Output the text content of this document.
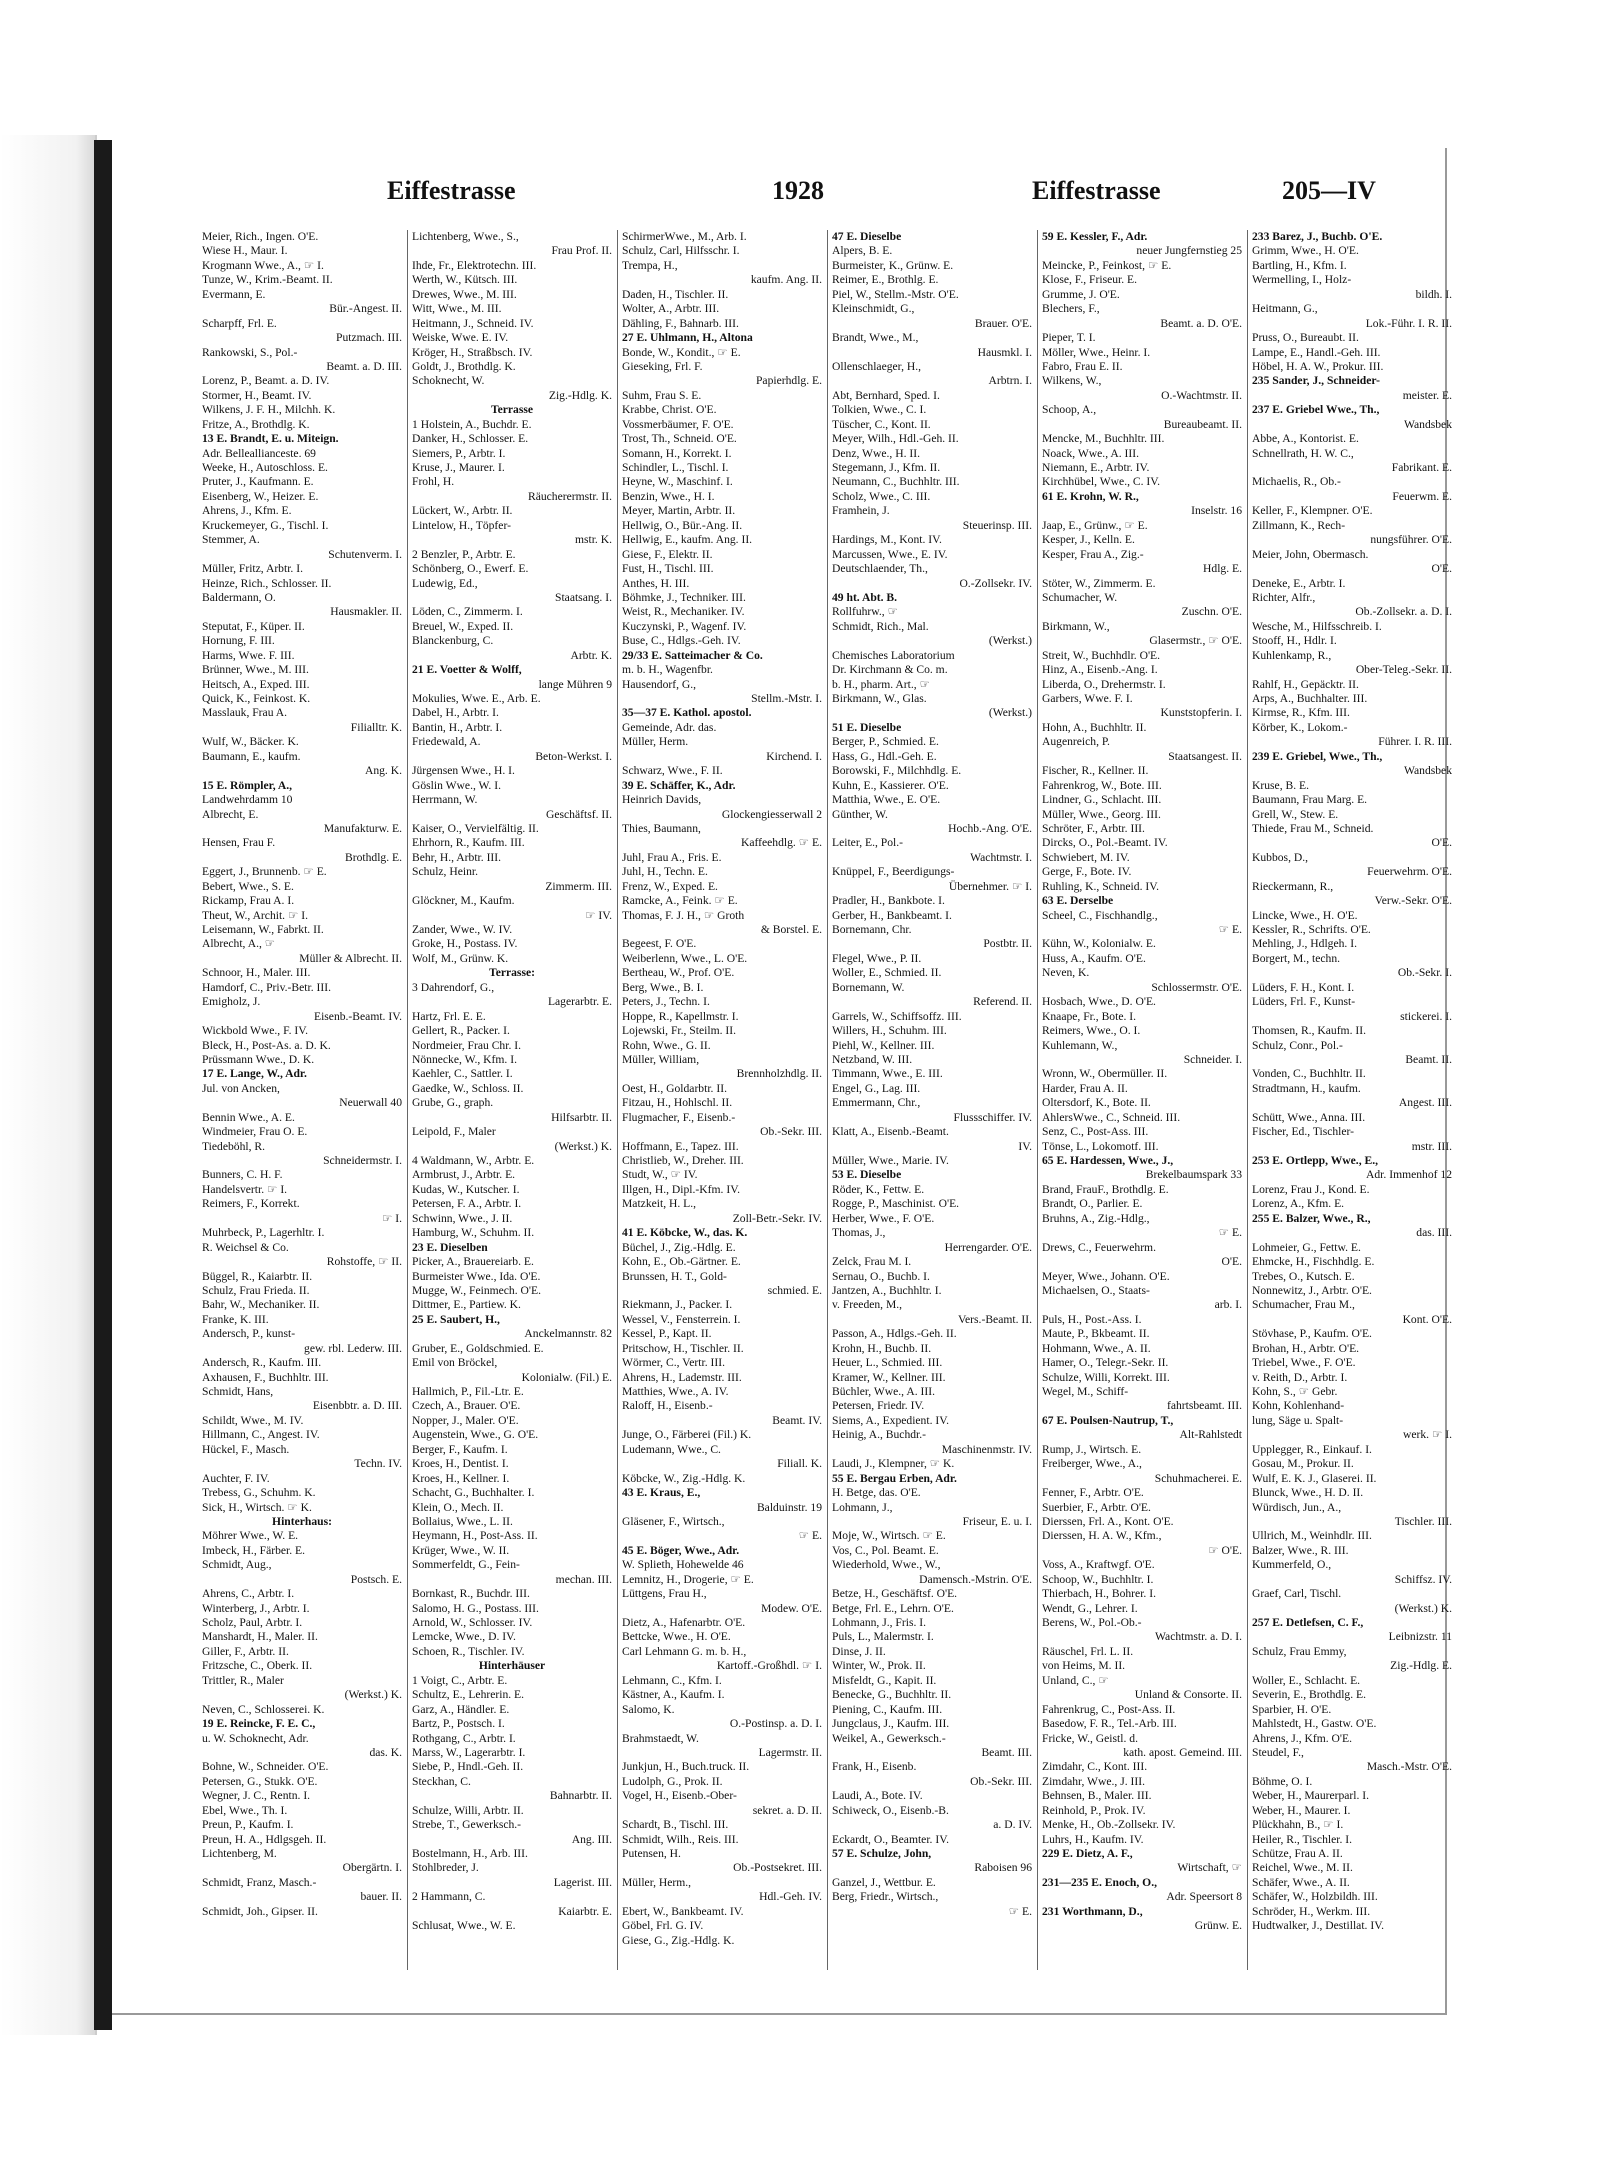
Eiffestrasse	1928	Eiffestrasse	205—IV
Meier, Rich., Ingen. O'E.
Wiese H., Maur. I.
Krogmann Wwe., A., ☞ I.
Tunze, W., Krim.-Beamt. II.
Evermann, E.
Bür.-Angest. II.
Scharpff, Frl. E.
Putzmach. III.
Rankowski, S., Pol.-
Beamt. a. D. III.
Lorenz, P., Beamt. a. D. IV.
Stormer, H., Beamt. IV.
Wilkens, J. F. H., Milchh. K.
Fritze, A., Brothdlg. K.
13 E. Brandt, E. u. Miteign.
Adr. Belleallianceste. 69
Weeke, H., Autoschloss. E.
Pruter, J., Kaufmann. E.
Eisenberg, W., Heizer. E.
Ahrens, J., Kfm. E.
Kruckemeyer, G., Tischl. I.
Stemmer, A.
Schutenverm. I.
Müller, Fritz, Arbtr. I.
Heinze, Rich., Schlosser. II.
Baldermann, O.
Hausmakler. II.
Steputat, F., Küper. II.
Hornung, F. III.
Harms, Wwe. F. III.
Brünner, Wwe., M. III.
Heitsch, A., Exped. III.
Quick, K., Feinkost. K.
Masslauk, Frau A.
Filialltr. K.
Wulf, W., Bäcker. K.
Baumann, E., kaufm.
Ang. K.
15 E. Römpler, A.,
Landwehrdamm 10
Albrecht, E.
Manufakturw. E.
Hensen, Frau F.
Brothdlg. E.
Eggert, J., Brunnenb. ☞ E.
Bebert, Wwe., S. E.
Rickamp, Frau A. I.
Theut, W., Archit. ☞ I.
Leisemann, W., Fabrkt. II.
Albrecht, A., ☞
Müller & Albrecht. II.
Schnoor, H., Maler. III.
Hamdorf, C., Priv.-Betr. III.
Emigholz, J.
Eisenb.-Beamt. IV.
Wickbold Wwe., F. IV.
Bleck, H., Post-As. a. D. K.
Prüssmann Wwe., D. K.
17 E. Lange, W., Adr.
Jul. von Ancken,
Neuerwall 40
Bennin Wwe., A. E.
Windmeier, Frau O. E.
Tiedeböhl, R.
Schneidermstr. I.
Bunners, C. H. F.
Handelsvertr. ☞ I.
Reimers, F., Korrekt.
☞ I.
Muhrbeck, P., Lagerhltr. I.
R. Weichsel & Co.
Rohstoffe, ☞ II.
Büggel, R., Kaiarbtr. II.
Schulz, Frau Frieda. II.
Bahr, W., Mechaniker. II.
Franke, K. III.
Andersch, P., kunst-
gew. rbl. Lederw. III.
Andersch, R., Kaufm. III.
Axhausen, F., Buchhltr. III.
Schmidt, Hans,
Eisenbbtr. a. D. III.
Schildt, Wwe., M. IV.
Hillmann, C., Angest. IV.
Hückel, F., Masch.
Techn. IV.
Auchter, F. IV.
Trebess, G., Schuhm. K.
Sick, H., Wirtsch. ☞ K.
Hinterhaus:
Möhrer Wwe., W. E.
Imbeck, H., Färber. E.
Schmidt, Aug.,
Postsch. E.
Ahrens, C., Arbtr. I.
Winterberg, J., Arbtr. I.
Scholz, Paul, Arbtr. I.
Manshardt, H., Maler. II.
Giller, F., Arbtr. II.
Fritzsche, C., Oberk. II.
Trittler, R., Maler
(Werkst.) K.
Neven, C., Schlosserei. K.
19 E. Reincke, F. E. C.,
u. W. Schoknecht, Adr.
das. K.
Bohne, W., Schneider. O'E.
Petersen, G., Stukk. O'E.
Wegner, J. C., Rentn. I.
Ebel, Wwe., Th. I.
Preun, P., Kaufm. I.
Preun, H. A., Hdlgsgeh. II.
Lichtenberg, M.
Obergärtn. I.
Schmidt, Franz, Masch.-
bauer. II.
Schmidt, Joh., Gipser. II.
Lichtenberg, Wwe., S.,
Frau Prof. II.
Ihde, Fr., Elektrotechn. III.
Werth, W., Kütsch. III.
Drewes, Wwe., M. III.
Witt, Wwe., M. III.
Heitmann, J., Schneid. IV.
Weiske, Wwe. E. IV.
Kröger, H., Straßbsch. IV.
Goldt, J., Brothdlg. K.
Schoknecht, W.
Zig.-Hdlg. K.
Terrasse
1 Holstein, A., Buchdr. E.
Danker, H., Schlosser. E.
Siemers, P., Arbtr. I.
Kruse, J., Maurer. I.
Frohl, H.
Räucherermstr. II.
Lückert, W., Arbtr. II.
Lintelow, H., Töpfer-
mstr. K.
2 Benzler, P., Arbtr. E.
Schönberg, O., Ewerf. E.
Ludewig, Ed.,
Staatsang. I.
Löden, C., Zimmerm. I.
Breuel, W., Exped. II.
Blanckenburg, C.
Arbtr. K.
21 E. Voetter & Wolff,
lange Mühren 9
Mokulies, Wwe. E., Arb. E.
Dabel, H., Arbtr. I.
Bantin, H., Arbtr. I.
Friedewald, A.
Beton-Werkst. I.
Jürgensen Wwe., H. I.
Göslin Wwe., W. I.
Herrmann, W.
Geschäftsf. II.
Kaiser, O., Vervielfältig. II.
Ehrhorn, R., Kaufm. III.
Behr, H., Arbtr. III.
Schulz, Heinr.
Zimmerm. III.
Glöckner, M., Kaufm.
☞ IV.
Zander, Wwe., W. IV.
Groke, H., Postass. IV.
Wolf, M., Grünw. K.
Terrasse:
3 Dahrendorf, G.,
Lagerarbtr. E.
Hartz, Frl. E. E.
Gellert, R., Packer. I.
Nordmeier, Frau Chr. I.
Nönnecke, W., Kfm. I.
Kaehler, C., Sattler. I.
Gaedke, W., Schloss. II.
Grube, G., graph.
Hilfsarbtr. II.
Leipold, F., Maler
(Werkst.) K.
4 Waldmann, W., Arbtr. E.
Armbrust, J., Arbtr. E.
Kudas, W., Kutscher. I.
Petersen, F. A., Arbtr. I.
Schwinn, Wwe., J. II.
Hamburg, W., Schuhm. II.
23 E. Dieselben
Picker, A., Brauereiarb. E.
Burmeister Wwe., Ida. O'E.
Mugge, W., Feinmech. O'E.
Dittmer, E., Partiew. K.
25 E. Saubert, H.,
Anckelmannstr. 82
Gruber, E., Goldschmied. E.
Emil von Bröckel,
Kolonialw. (Fil.) E.
Hallmich, P., Fil.-Ltr. E.
Czech, A., Brauer. O'E.
Nopper, J., Maler. O'E.
Augenstein, Wwe., G. O'E.
Berger, F., Kaufm. I.
Kroes, H., Dentist. I.
Kroes, H., Kellner. I.
Schacht, G., Buchhalter. I.
Klein, O., Mech. II.
Bollaius, Wwe., L. II.
Heymann, H., Post-Ass. II.
Krüger, Wwe., W. II.
Sommerfeldt, G., Fein-
mechan. III.
Bornkast, R., Buchdr. III.
Salomo, H. G., Postass. III.
Arnold, W., Schlosser. IV.
Lemcke, Wwe., D. IV.
Schoen, R., Tischler. IV.
Hinterhäuser
1 Voigt, C., Arbtr. E.
Schultz, E., Lehrerin. E.
Garz, A., Händler. E.
Bartz, P., Postsch. I.
Rothgang, C., Arbtr. I.
Marss, W., Lagerarbtr. I.
Siebe, P., Hndl.-Geh. II.
Steckhan, C.
Bahnarbtr. II.
Schulze, Willi, Arbtr. II.
Strebe, T., Gewerksch.-
Ang. III.
Bostelmann, H., Arb. III.
Stohlbreder, J.
Lagerist. III.
2 Hammann, C.
Kaiarbtr. E.
Schlusat, Wwe., W. E.
SchirmerWwe., M., Arb. I.
Schulz, Carl, Hilfsschr. I.
Trempa, H.,
kaufm. Ang. II.
Daden, H., Tischler. II.
Wolter, A., Arbtr. III.
Dähling, F., Bahnarb. III.
27 E. Uhlmann, H., Altona
Bonde, W., Kondit., ☞ E.
Gieseking, Frl. F.
Papierhdlg. E.
Suhm, Frau S. E.
Krabbe, Christ. O'E.
Vossmerbäumer, F. O'E.
Trost, Th., Schneid. O'E.
Somann, H., Korrekt. I.
Schindler, L., Tischl. I.
Heyne, W., Maschinf. I.
Benzin, Wwe., H. I.
Meyer, Martin, Arbtr. II.
Hellwig, O., Bür.-Ang. II.
Hellwig, E., kaufm. Ang. II.
Giese, F., Elektr. II.
Fust, H., Tischl. III.
Anthes, H. III.
Böhmke, J., Techniker. III.
Weist, R., Mechaniker. IV.
Kuczynski, P., Wagenf. IV.
Buse, C., Hdlgs.-Geh. IV.
29/33 E. Satteimacher & Co.
m. b. H., Wagenfbr.
Hausendorf, G.,
Stellm.-Mstr. I.
35—37 E. Kathol. apostol.
Gemeinde, Adr. das.
Müller, Herm.
Kirchend. I.
Schwarz, Wwe., F. II.
39 E. Schäffer, K., Adr.
Heinrich Davids,
Glockengiesserwall 2
Thies, Baumann,
Kaffeehdlg. ☞ E.
Juhl, Frau A., Fris. E.
Juhl, H., Techn. E.
Frenz, W., Exped. E.
Ramcke, A., Feink. ☞ E.
Thomas, F. J. H., ☞ Groth
& Borstel. E.
Begeest, F. O'E.
Weiberlenn, Wwe., L. O'E.
Bertheau, W., Prof. O'E.
Berg, Wwe., B. I.
Peters, J., Techn. I.
Hoppe, R., Kapellmstr. I.
Lojewski, Fr., Steilm. II.
Rohn, Wwe., G. II.
Müller, William,
Brennholzhdlg. II.
Oest, H., Goldarbtr. II.
Fitzau, H., Hohlschl. II.
Flugmacher, F., Eisenb.-
Ob.-Sekr. III.
Hoffmann, E., Tapez. III.
Christlieb, W., Dreher. III.
Studt, W., ☞ IV.
Illgen, H., Dipl.-Kfm. IV.
Matzkeit, H. L.,
Zoll-Betr.-Sekr. IV.
41 E. Köbcke, W., das. K.
Büchel, J., Zig.-Hdlg. E.
Kohn, E., Ob.-Gärtner. E.
Brunssen, H. T., Gold-
schmied. E.
Riekmann, J., Packer. I.
Wessel, V., Fensterrein. I.
Kessel, P., Kapt. II.
Pritschow, H., Tischler. II.
Wörmer, C., Vertr. III.
Ahrens, H., Lademstr. III.
Matthies, Wwe., A. IV.
Raloff, H., Eisenb.-
Beamt. IV.
Junge, O., Färberei (Fil.) K.
Ludemann, Wwe., C.
Filiall. K.
Köbcke, W., Zig.-Hdlg. K.
43 E. Kraus, E.,
Balduinstr. 19
Gläsener, F., Wirtsch.,
☞ E.
45 E. Böger, Wwe., Adr.
W. Splieth, Hohewelde 46
Lemnitz, H., Drogerie, ☞ E.
Lüttgens, Frau H.,
Modew. O'E.
Dietz, A., Hafenarbtr. O'E.
Bettcke, Wwe., H. O'E.
Carl Lehmann G. m. b. H.,
Kartoff.-Großhdl. ☞ I.
Lehmann, C., Kfm. I.
Kästner, A., Kaufm. I.
Salomo, K.
O.-Postinsp. a. D. I.
Brahmstaedt, W.
Lagermstr. II.
Junkjun, H., Buch.truck. II.
Ludolph, G., Prok. II.
Vogel, H., Eisenb.-Ober-
sekret. a. D. II.
Schardt, B., Tischl. III.
Schmidt, Wilh., Reis. III.
Putensen, H.
Ob.-Postsekret. III.
Müller, Herm.,
Hdl.-Geh. IV.
Ebert, W., Bankbeamt. IV.
Göbel, Frl. G. IV.
Giese, G., Zig.-Hdlg. K.
47 E. Dieselbe
Alpers, B. E.
Burmeister, K., Grünw. E.
Reimer, E., Brothlg. E.
Piel, W., Stellm.-Mstr. O'E.
Kleinschmidt, G.,
Brauer. O'E.
Brandt, Wwe., M.,
Hausmkl. I.
Ollenschlaeger, H.,
Arbtrn. I.
Abt, Bernhard, Sped. I.
Tolkien, Wwe., C. I.
Tüscher, C., Kont. II.
Meyer, Wilh., Hdl.-Geh. II.
Denz, Wwe., H. II.
Stegemann, J., Kfm. II.
Neumann, C., Buchhltr. III.
Scholz, Wwe., C. III.
Framhein, J.
Steuerinsp. III.
Hardings, M., Kont. IV.
Marcussen, Wwe., E. IV.
Deutschlaender, Th.,
O.-Zollsekr. IV.
49 ht. Abt. B.
Rollfuhrw., ☞
Schmidt, Rich., Mal.
(Werkst.)
Chemisches Laboratorium
Dr. Kirchmann & Co. m.
b. H., pharm. Art., ☞
Birkmann, W., Glas.
(Werkst.)
51 E. Dieselbe
Berger, P., Schmied. E.
Hass, G., Hdl.-Geh. E.
Borowski, F., Milchhdlg. E.
Kuhn, E., Kassierer. O'E.
Matthia, Wwe., E. O'E.
Günther, W.
Hochb.-Ang. O'E.
Leiter, E., Pol.-
Wachtmstr. I.
Knüppel, F., Beerdigungs-
Übernehmer. ☞ I.
Pradler, H., Bankbote. I.
Gerber, H., Bankbeamt. I.
Bornemann, Chr.
Postbtr. II.
Flegel, Wwe., P. II.
Woller, E., Schmied. II.
Bornemann, W.
Referend. II.
Garrels, W., Schiffsoffz. III.
Willers, H., Schuhm. III.
Piehl, W., Kellner. III.
Netzband, W. III.
Timmann, Wwe., E. III.
Engel, G., Lag. III.
Emmermann, Chr.,
Flussschiffer. IV.
Klatt, A., Eisenb.-Beamt.
IV.
Müller, Wwe., Marie. IV.
53 E. Dieselbe
Röder, K., Fettw. E.
Rogge, P., Maschinist. O'E.
Herber, Wwe., F. O'E.
Thomas, J.,
Herrengarder. O'E.
Zelck, Frau M. I.
Sernau, O., Buchb. I.
Jantzen, A., Buchhltr. I.
v. Freeden, M.,
Vers.-Beamt. II.
Passon, A., Hdlgs.-Geh. II.
Krohn, H., Buchb. II.
Heuer, L., Schmied. III.
Kramer, W., Kellner. III.
Büchler, Wwe., A. III.
Petersen, Friedr. IV.
Siems, A., Expedient. IV.
Heinig, A., Buchdr.-
Maschinenmstr. IV.
Laudi, J., Klempner, ☞ K.
55 E. Bergau Erben, Adr.
H. Betge, das. O'E.
Lohmann, J.,
Friseur, E. u. I.
Moje, W., Wirtsch. ☞ E.
Vos, C., Pol. Beamt. E.
Wiederhold, Wwe., W.,
Damensch.-Mstrin. O'E.
Betze, H., Geschäftsf. O'E.
Betge, Frl. E., Lehrn. O'E.
Lohmann, J., Fris. I.
Puls, L., Malermstr. I.
Dinse, J. II.
Winter, W., Prok. II.
Misfeldt, G., Kapit. II.
Benecke, G., Buchhltr. II.
Piening, C., Kaufm. III.
Jungclaus, J., Kaufm. III.
Weikel, A., Gewerksch.-
Beamt. III.
Frank, H., Eisenb.
Ob.-Sekr. III.
Laudi, A., Bote. IV.
Schiweck, O., Eisenb.-B.
a. D. IV.
Eckardt, O., Beamter. IV.
57 E. Schulze, John,
Raboisen 96
Ganzel, J., Wettbur. E.
Berg, Friedr., Wirtsch.,
☞ E.
59 E. Kessler, F., Adr.
neuer Jungfernstieg 25
Meincke, P., Feinkost, ☞ E.
Klose, F., Friseur. E.
Grumme, J. O'E.
Blechers, F.,
Beamt. a. D. O'E.
Pieper, T. I.
Möller, Wwe., Heinr. I.
Fabro, Frau E. II.
Wilkens, W.,
O.-Wachtmstr. II.
Schoop, A.,
Bureaubeamt. II.
Mencke, M., Buchhltr. III.
Noack, Wwe., A. III.
Niemann, E., Arbtr. IV.
Kirchhübel, Wwe., C. IV.
61 E. Krohn, W. R.,
Inselstr. 16
Jaap, E., Grünw., ☞ E.
Kesper, J., Kelln. E.
Kesper, Frau A., Zig.-
Hdlg. E.
Stöter, W., Zimmerm. E.
Schumacher, W.
Zuschn. O'E.
Birkmann, W.,
Glasermstr., ☞ O'E.
Streit, W., Buchhdlr. O'E.
Hinz, A., Eisenb.-Ang. I.
Liberda, O., Drehermstr. I.
Garbers, Wwe. F. I.
Kunststopferin. I.
Hohn, A., Buchhltr. II.
Augenreich, P.
Staatsangest. II.
Fischer, R., Kellner. II.
Fahrenkrog, W., Bote. III.
Lindner, G., Schlacht. III.
Müller, Wwe., Georg. III.
Schröter, F., Arbtr. III.
Dircks, O., Pol.-Beamt. IV.
Schwiebert, M. IV.
Gerge, F., Bote. IV.
Ruhling, K., Schneid. IV.
63 E. Derselbe
Scheel, C., Fischhandlg.,
☞ E.
Kühn, W., Kolonialw. E.
Huss, A., Kaufm. O'E.
Neven, K.
Schlossermstr. O'E.
Hosbach, Wwe., D. O'E.
Knaape, Fr., Bote. I.
Reimers, Wwe., O. I.
Kuhlemann, W.,
Schneider. I.
Wronn, W., Obermüller. II.
Harder, Frau A. II.
Oltersdorf, K., Bote. II.
AhlersWwe., C., Schneid. III.
Senz, C., Post-Ass. III.
Tönse, L., Lokomotf. III.
65 E. Hardessen, Wwe., J.,
Brekelbaumspark 33
Brand, FrauF., Brothdlg. E.
Brandt, O., Parlier. E.
Bruhns, A., Zig.-Hdlg.,
☞ E.
Drews, C., Feuerwehrm.
O'E.
Meyer, Wwe., Johann. O'E.
Michaelsen, O., Staats-
arb. I.
Puls, H., Post.-Ass. I.
Maute, P., Bkbeamt. II.
Hohmann, Wwe., A. II.
Hamer, O., Telegr.-Sekr. II.
Schulze, Willi, Korrekt. III.
Wegel, M., Schiff-
fahrtsbeamt. III.
67 E. Poulsen-Nautrup, T.,
Alt-Rahlstedt
Rump, J., Wirtsch. E.
Freiberger, Wwe., A.,
Schuhmacherei. E.
Fenner, F., Arbtr. O'E.
Suerbier, F., Arbtr. O'E.
Dierssen, Frl. A., Kont. O'E.
Dierssen, H. A. W., Kfm.,
☞ O'E.
Voss, A., Kraftwgf. O'E.
Schoop, W., Buchhltr. I.
Thierbach, H., Bohrer. I.
Wendt, G., Lehrer. I.
Berens, W., Pol.-Ob.-
Wachtmstr. a. D. I.
Räuschel, Frl. L. II.
von Heims, M. II.
Unland, C., ☞
Unland & Consorte. II.
Fahrenkrug, C., Post-Ass. II.
Basedow, F. R., Tel.-Arb. III.
Fricke, W., Geistl. d.
kath. apost. Gemeind. III.
Zimdahr, C., Kont. III.
Zimdahr, Wwe., J. III.
Behnsen, B., Maler. III.
Reinhold, P., Prok. IV.
Menke, H., Ob.-Zollsekr. IV.
Luhrs, H., Kaufm. IV.
229 E. Dietz, A. F.,
Wirtschaft, ☞
231—235 E. Enoch, O.,
Adr. Speersort 8
231 Worthmann, D.,
Grünw. E.
233 Barez, J., Buchb. O'E.
Grimm, Wwe., H. O'E.
Bartling, H., Kfm. I.
Wermelling, I., Holz-
bildh. I.
Heitmann, G.,
Lok.-Führ. I. R. II.
Pruss, O., Bureaubt. II.
Lampe, E., Handl.-Geh. III.
Höbel, H. A. W., Prokur. III.
235 Sander, J., Schneider-
meister. E.
237 E. Griebel Wwe., Th.,
Wandsbek
Abbe, A., Kontorist. E.
Schnellrath, H. W. C.,
Fabrikant. E.
Michaelis, R., Ob.-
Feuerwm. E.
Keller, F., Klempner. O'E.
Zillmann, K., Rech-
nungsführer. O'E.
Meier, John, Obermasch.
O'E.
Deneke, E., Arbtr. I.
Richter, Alfr.,
Ob.-Zollsekr. a. D. I.
Wesche, M., Hilfsschreib. I.
Stooff, H., Hdlr. I.
Kuhlenkamp, R.,
Ober-Teleg.-Sekr. II.
Rahlf, H., Gepäcktr. II.
Arps, A., Buchhalter. III.
Kirmse, R., Kfm. III.
Körber, K., Lokom.-
Führer. I. R. III.
239 E. Griebel, Wwe., Th.,
Wandsbek
Kruse, B. E.
Baumann, Frau Marg. E.
Grell, W., Stew. E.
Thiede, Frau M., Schneid.
O'E.
Kubbos, D.,
Feuerwehrm. O'E.
Rieckermann, R.,
Verw.-Sekr. O'E.
Lincke, Wwe., H. O'E.
Kessler, R., Schrifts. O'E.
Mehling, J., Hdlgeh. I.
Borgert, M., techn.
Ob.-Sekr. I.
Lüders, F. H., Kont. I.
Lüders, Frl. F., Kunst-
stickerei. I.
Thomsen, R., Kaufm. II.
Schulz, Conr., Pol.-
Beamt. II.
Vonden, C., Buchhltr. II.
Stradtmann, H., kaufm.
Angest. III.
Schütt, Wwe., Anna. III.
Fischer, Ed., Tischler-
mstr. III.
253 E. Ortlepp, Wwe., E.,
Adr. Immenhof 12
Lorenz, Frau J., Kond. E.
Lorenz, A., Kfm. E.
255 E. Balzer, Wwe., R.,
das. III.
Lohmeier, G., Fettw. E.
Ehmcke, H., Fischhdlg. E.
Trebes, O., Kutsch. E.
Nonnewitz, J., Arbtr. O'E.
Schumacher, Frau M.,
Kont. O'E.
Stövhase, P., Kaufm. O'E.
Brohan, H., Arbtr. O'E.
Triebel, Wwe., F. O'E.
v. Reith, D., Arbtr. I.
Kohn, S., ☞ Gebr.
Kohn, Kohlenhand-
lung, Säge u. Spalt-
werk. ☞ I.
Upplegger, R., Einkauf. I.
Gosau, M., Prokur. II.
Wulf, E. K. J., Glaserei. II.
Blunck, Wwe., H. D. II.
Würdisch, Jun., A.,
Tischler. III.
Ullrich, M., Weinhdlr. III.
Balzer, Wwe., R. III.
Kummerfeld, O.,
Schiffsz. IV.
Graef, Carl, Tischl.
(Werkst.) K.
257 E. Detlefsen, C. F.,
Leibnizstr. 11
Schulz, Frau Emmy,
Zig.-Hdlg. E.
Woller, E., Schlacht. E.
Severin, E., Brothdlg. E.
Sparbier, H. O'E.
Mahlstedt, H., Gastw. O'E.
Ahrens, J., Kfm. O'E.
Steudel, F.,
Masch.-Mstr. O'E.
Böhme, O. I.
Weber, H., Maurerparl. I.
Weber, H., Maurer. I.
Plückhahn, B., ☞ I.
Heiler, R., Tischler. I.
Schütze, Frau A. II.
Reichel, Wwe., M. II.
Schäfer, Wwe., A. II.
Schäfer, W., Holzbildh. III.
Schröder, H., Werkm. III.
Hudtwalker, J., Destillat. IV.
